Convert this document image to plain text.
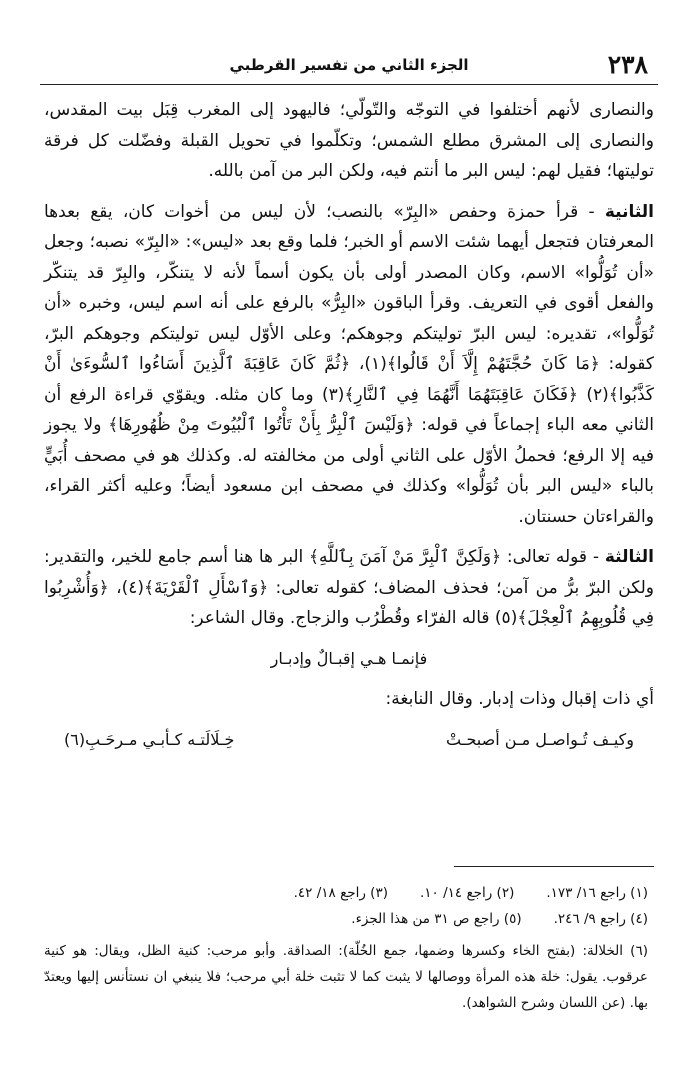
٢٣٨
الجزء الثاني من تفسير القرطبي

والنصارى لأنهم أختلفوا في التوجّه والتّولّي؛ فاليهود إلى المغرب قِبَل بيت المقدس، والنصارى إلى المشرق مطلع الشمس؛ وتكلّموا في تحويل القبلة وفضّلت كل فرقة توليتها؛ فقيل لهم: ليس البر ما أنتم فيه، ولكن البر من آمن بالله.

الثانية - قرأ حمزة وحفص «البِرّ» بالنصب؛ لأن ليس من أخوات كان، يقع بعدها المعرفتان فتجعل أيهما شئت الاسم أو الخبر؛ فلما وقع بعد «ليس»: «البِرّ» نصبه؛ وجعل «أن تُوَلُّوا» الاسم، وكان المصدر أولى بأن يكون أسماً لأنه لا يتنكّر، والبِرّ قد يتنكّر والفعل أقوى في التعريف. وقرأ الباقون «البِرُّ» بالرفع على أنه اسم ليس، وخبره «أن تُوَلُّوا»، تقديره: ليس البرّ توليتكم وجوهكم؛ وعلى الأوّل ليس توليتكم وجوهكم البرّ، كقوله: ﴿مَا كَانَ حُجَّتَهُمْ إِلَّاَ أَنْ قَالُوا﴾(١)، ﴿ثُمَّ كَانَ عَاقِبَةَ ٱلَّذِينَ أَسَاءُوا ٱلسُّوءَىٰ أَنْ كَذَّبُوا﴾(٢) ﴿فَكَانَ عَاقِبَتَهُمَا أَنَّهُمَا فِي ٱلنَّارِ﴾(٣) وما كان مثله. ويقوّي قراءة الرفع أن الثاني معه الباء إجماعاً في قوله: ﴿وَلَيْسَ ٱلْبِرُّ بِأَنْ تَأْتُوا ٱلْبُيُوتَ مِنْ ظُهُورِهَا﴾ ولا يجوز فيه إلا الرفع؛ فحملُ الأوّل على الثاني أولى من مخالفته له. وكذلك هو في مصحف أُبَيٍّ بالباء «ليس البر بأن تُوَلُّوا» وكذلك في مصحف ابن مسعود أيضاً؛ وعليه أكثر القراء، والقراءتان حسنتان.

الثالثة - قوله تعالى: ﴿وَلَكِنَّ ٱلْبِرَّ مَنْ آمَنَ بِٱللَّهِ﴾ البر ها هنا أسم جامع للخير، والتقدير: ولكن البرّ برُّ من آمن؛ فحذف المضاف؛ كقوله تعالى: ﴿وَٱسْأَلِ ٱلْقَرْيَةَ﴾(٤)، ﴿وَأُشْرِبُوا فِي قُلُوبِهِمُ ٱلْعِجْلَ﴾(٥) قاله الفرّاء وقُطْرُب والزجاج. وقال الشاعر:

فإنمـا هـي إقبـالٌ وإدبـار

أي ذات إقبال وذات إدبار. وقال النابغة:

وكيـف تُـواصـل مـن أصبحـتْ
خِـلَالَتـه كـأبـي مـرحَـبِ(٦)
(١) راجع ١٦/ ١٧٣.
(٢) راجع ١٤/ ١٠.
(٣) راجع ١٨/ ٤٢.
(٤) راجع ٩/ ٢٤٦.
(٥) راجع ص ٣١ من هذا الجزء.
(٦) الخلالة: (بفتح الخاء وكسرها وضمها، جمع الخُلّة): الصداقة. وأبو مرحب: كنية الظل، ويقال: هو كنية عرقوب. يقول: خلة هذه المرأة ووصالها لا يثبت كما لا تثبت خلة أبي مرحب؛ فلا ينبغي ان نستأنس إليها ويعتدّ بها. (عن اللسان وشرح الشواهد).
